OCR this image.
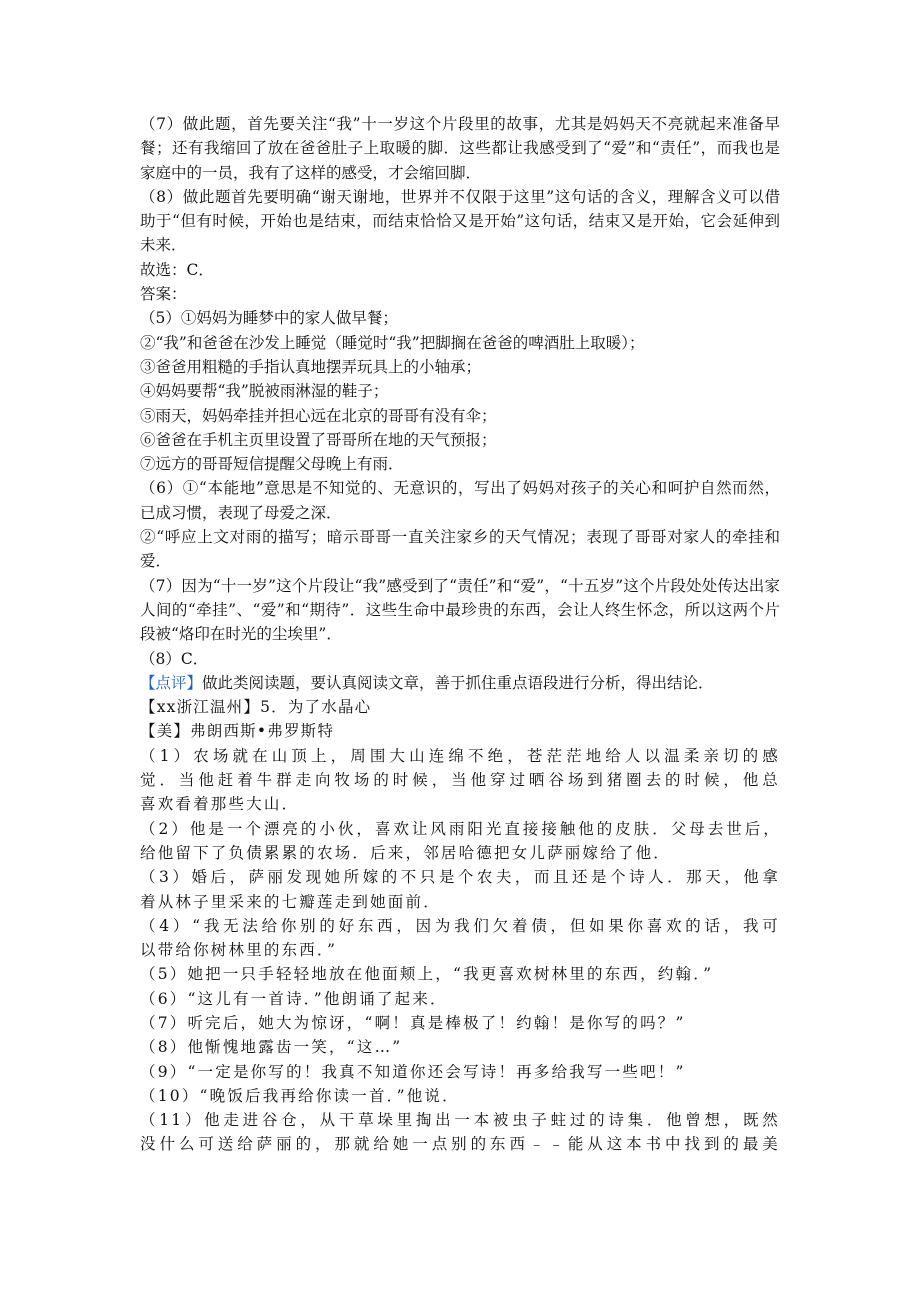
（7）做此题，首先要关注“我”十一岁这个片段里的故事，尤其是妈妈天不亮就起来准备早
餐；还有我缩回了放在爸爸肚子上取暖的脚．这些都让我感受到了“爱”和“责任”，而我也是
家庭中的一员，我有了这样的感受，才会缩回脚．
（8）做此题首先要明确“谢天谢地，世界并不仅限于这里”这句话的含义，理解含义可以借
助于“但有时候，开始也是结束，而结束恰恰又是开始”这句话，结束又是开始，它会延伸到
未来．
故选：C．
答案：
（5）①妈妈为睡梦中的家人做早餐；
②“我”和爸爸在沙发上睡觉（睡觉时“我”把脚搁在爸爸的啤酒肚上取暖）；
③爸爸用粗糙的手指认真地摆弄玩具上的小轴承；
④妈妈要帮“我”脱被雨淋湿的鞋子；
⑤雨天，妈妈牵挂并担心远在北京的哥哥有没有伞；
⑥爸爸在手机主页里设置了哥哥所在地的天气预报；
⑦远方的哥哥短信提醒父母晚上有雨．
（6）①“本能地”意思是不知觉的、无意识的，写出了妈妈对孩子的关心和呵护自然而然，
已成习惯，表现了母爱之深．
②“呼应上文对雨的描写；暗示哥哥一直关注家乡的天气情况；表现了哥哥对家人的牵挂和
爱．
（7）因为“十一岁”这个片段让“我”感受到了“责任”和“爱”，“十五岁”这个片段处处传达出家
人间的“牵挂”、“爱”和“期待”．这些生命中最珍贵的东西，会让人终生怀念，所以这两个片
段被“烙印在时光的尘埃里”．
（8）C．
【点评】做此类阅读题，要认真阅读文章，善于抓住重点语段进行分析，得出结论．
【xx浙江温州】5．为了水晶心
【美】弗朗西斯•弗罗斯特
（1）农场就在山顶上，周围大山连绵不绝，苍茫茫地给人以温柔亲切的感
觉．当他赶着牛群走向牧场的时候，当他穿过晒谷场到猪圈去的时候，他总
喜欢看着那些大山．
（2）他是一个漂亮的小伙，喜欢让风雨阳光直接接触他的皮肤．父母去世后，
给他留下了负债累累的农场．后来，邻居哈德把女儿萨丽嫁给了他．
（3）婚后，萨丽发现她所嫁的不只是个农夫，而且还是个诗人．那天，他拿
着从林子里采来的七瓣莲走到她面前．
（4）“我无法给你别的好东西，因为我们欠着债，但如果你喜欢的话，我可
以带给你树林里的东西．”
（5）她把一只手轻轻地放在他面颊上，“我更喜欢树林里的东西，约翰．”
（6）“这儿有一首诗．”他朗诵了起来．
（7）听完后，她大为惊讶，“啊！真是棒极了！约翰！是你写的吗？”
（8）他惭愧地露齿一笑，“这…”
（9）“一定是你写的！我真不知道你还会写诗！再多给我写一些吧！”
（10）“晚饭后我再给你读一首．”他说．
（11）他走进谷仓，从干草垛里掏出一本被虫子蛀过的诗集．他曾想，既然
没什么可送给萨丽的，那就给她一点别的东西﹣﹣能从这本书中找到的最美
